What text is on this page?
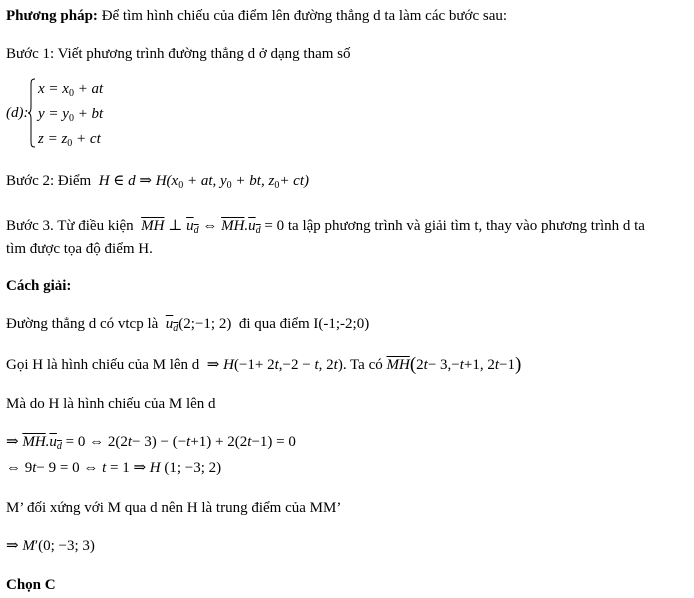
Phương pháp: Để tìm hình chiếu của điểm lên đường thẳng d ta làm các bước sau:
Bước 1: Viết phương trình đường thẳng d ở dạng tham số
(d):
$x = x_0$ + at
$y = y_0$ + bt
$z = z_0$ + ct
Bước 2: Điểm  H ∈ d ⇒ $H(x_0$ + at, $y_0$ + bt, $z_0+ ct$)
Bước 3. Từ điều kiện $\overline{MH}$ ⊥ $u_d$ ⇔ $\overline{MH}.u_d = 0$ ta lập phương trình và giải tìm t, thay vào phương trình d ta
tìm được tọa độ điểm H.
Cách giải:
Đường thẳng d có vtcp là $u_d(2;-1$; 2) đi qua điểm I(-1;-2;0)
Gọi H là hình chiếu của M lên d  ⇒ H(−1+ 2t,−2 − t, 2t). Ta có $\overline{MH}(2t- 3,-t+1$, 2t−1)
Mà do H là hình chiếu của M lên d
⇒ $\overline{MH}.u_d = 0$ ⇔ 2(2t− 3) − (−t+1) + 2(2t−1) = 0
⇔ 9t− 9 = 0 ⇔ t = 1 ⇒ H (1; −3; 2)
M’ đối xứng với M qua d nên H là trung điểm của MM’
⇒ M′(0; −3; 3)
Chọn C
